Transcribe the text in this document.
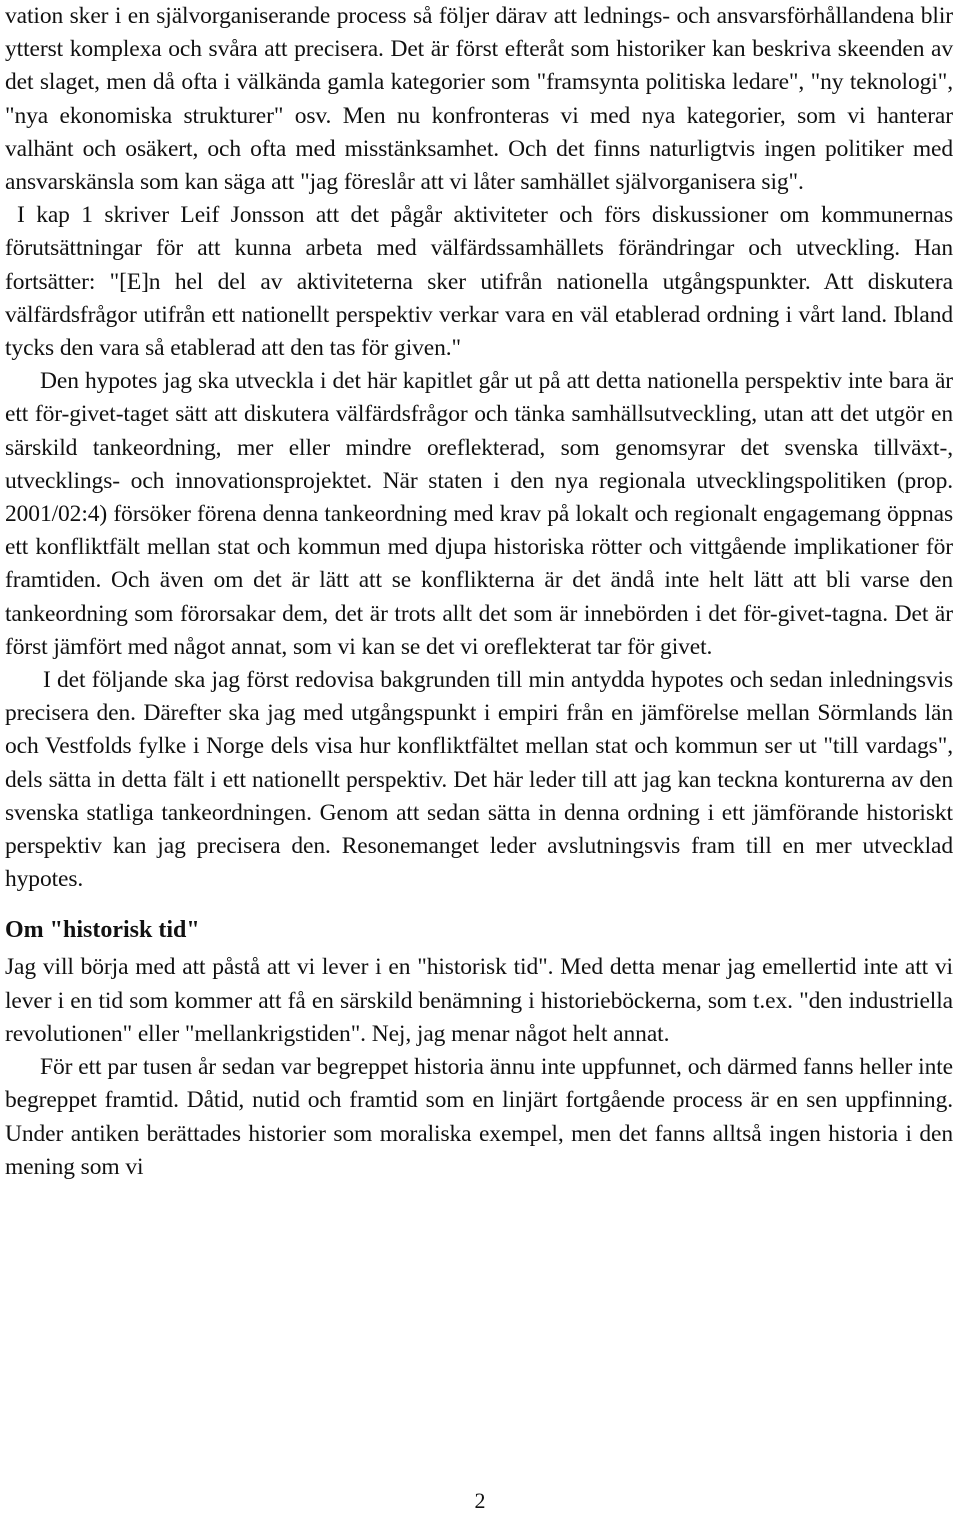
vation sker i en självorganiserande process så följer därav att lednings- och ansvarsförhållandena blir ytterst komplexa och svåra att precisera. Det är först efteråt som historiker kan beskriva skeenden av det slaget, men då ofta i välkända gamla kategorier som "framsynta politiska ledare", "ny teknologi", "nya ekonomiska strukturer" osv. Men nu konfronteras vi med nya kategorier, som vi hanterar valhänt och osäkert, och ofta med misstänksamhet. Och det finns naturligtvis ingen politiker med ansvarskänsla som kan säga att "jag föreslår att vi låter samhället självorganisera sig".

I kap 1 skriver Leif Jonsson att det pågår aktiviteter och förs diskussioner om kommunernas förutsättningar för att kunna arbeta med välfärdssamhällets förändringar och utveckling. Han fortsätter: "[E]n hel del av aktiviteterna sker utifrån nationella utgångspunkter. Att diskutera välfärdsfrågor utifrån ett nationellt perspektiv verkar vara en väl etablerad ordning i vårt land. Ibland tycks den vara så etablerad att den tas för given."

Den hypotes jag ska utveckla i det här kapitlet går ut på att detta nationella perspektiv inte bara är ett för-givet-taget sätt att diskutera välfärdsfrågor och tänka samhällsutveckling, utan att det utgör en särskild tankeordning, mer eller mindre oreflekterad, som genomsyrar det svenska tillväxt-, utvecklings- och innovationsprojektet. När staten i den nya regionala utvecklingspolitiken (prop. 2001/02:4) försöker förena denna tankeordning med krav på lokalt och regionalt engagemang öppnas ett konfliktfält mellan stat och kommun med djupa historiska rötter och vittgående implikationer för framtiden. Och även om det är lätt att se konflikterna är det ändå inte helt lätt att bli varse den tankeordning som förorsakar dem, det är trots allt det som är innebörden i det för-givet-tagna. Det är först jämfört med något annat, som vi kan se det vi oreflekterat tar för givet.

I det följande ska jag först redovisa bakgrunden till min antydda hypotes och sedan inledningsvis precisera den. Därefter ska jag med utgångspunkt i empiri från en jämförelse mellan Sörmlands län och Vestfolds fylke i Norge dels visa hur konfliktfältet mellan stat och kommun ser ut "till vardags", dels sätta in detta fält i ett nationellt perspektiv. Det här leder till att jag kan teckna konturerna av den svenska statliga tankeordningen. Genom att sedan sätta in denna ordning i ett jämförande historiskt perspektiv kan jag precisera den. Resonemanget leder avslutningsvis fram till en mer utvecklad hypotes.

Om "historisk tid"

Jag vill börja med att påstå att vi lever i en "historisk tid". Med detta menar jag emellertid inte att vi lever i en tid som kommer att få en särskild benämning i historieböckerna, som t.ex. "den industriella revolutionen" eller "mellankrigstiden". Nej, jag menar något helt annat.

För ett par tusen år sedan var begreppet historia ännu inte uppfunnet, och därmed fanns heller inte begreppet framtid. Dåtid, nutid och framtid som en linjärt fortgående process är en sen uppfinning. Under antiken berättades historier som moraliska exempel, men det fanns alltså ingen historia i den mening som vi

2
